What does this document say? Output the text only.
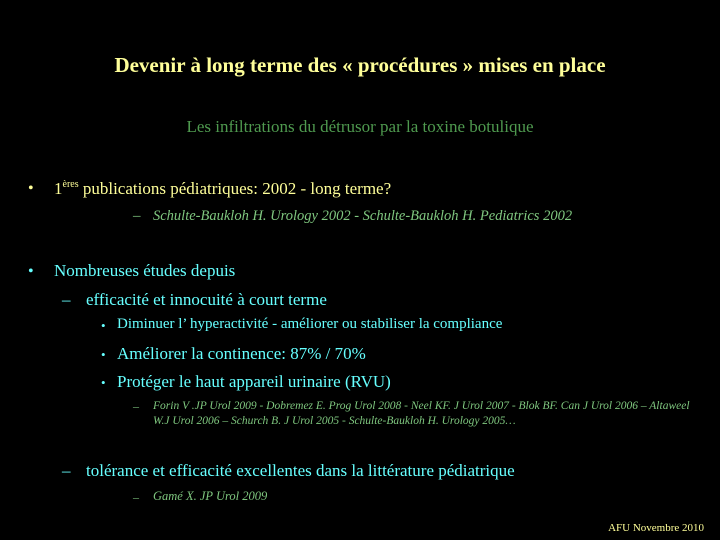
Devenir à long terme des « procédures » mises en place
Les infiltrations du détrusor par la toxine botulique
• 1ères publications pédiatriques: 2002 - long terme?
– Schulte-Baukloh H. Urology 2002 - Schulte-Baukloh H. Pediatrics 2002
• Nombreuses études depuis
– efficacité et innocuité à court terme
• Diminuer l’ hyperactivité - améliorer ou stabiliser la compliance
• Améliorer la continence: 87% / 70%
• Protéger le haut appareil urinaire (RVU)
– Forin V .JP Urol 2009 - Dobremez E. Prog Urol 2008 - Neel KF. J Urol 2007 - Blok BF. Can J Urol 2006 – Altaweel W.J Urol 2006 – Schurch B. J Urol 2005 - Schulte-Baukloh H. Urology 2005…
– tolérance et efficacité excellentes dans la littérature pédiatrique
– Gamé X. JP Urol 2009
AFU Novembre 2010
